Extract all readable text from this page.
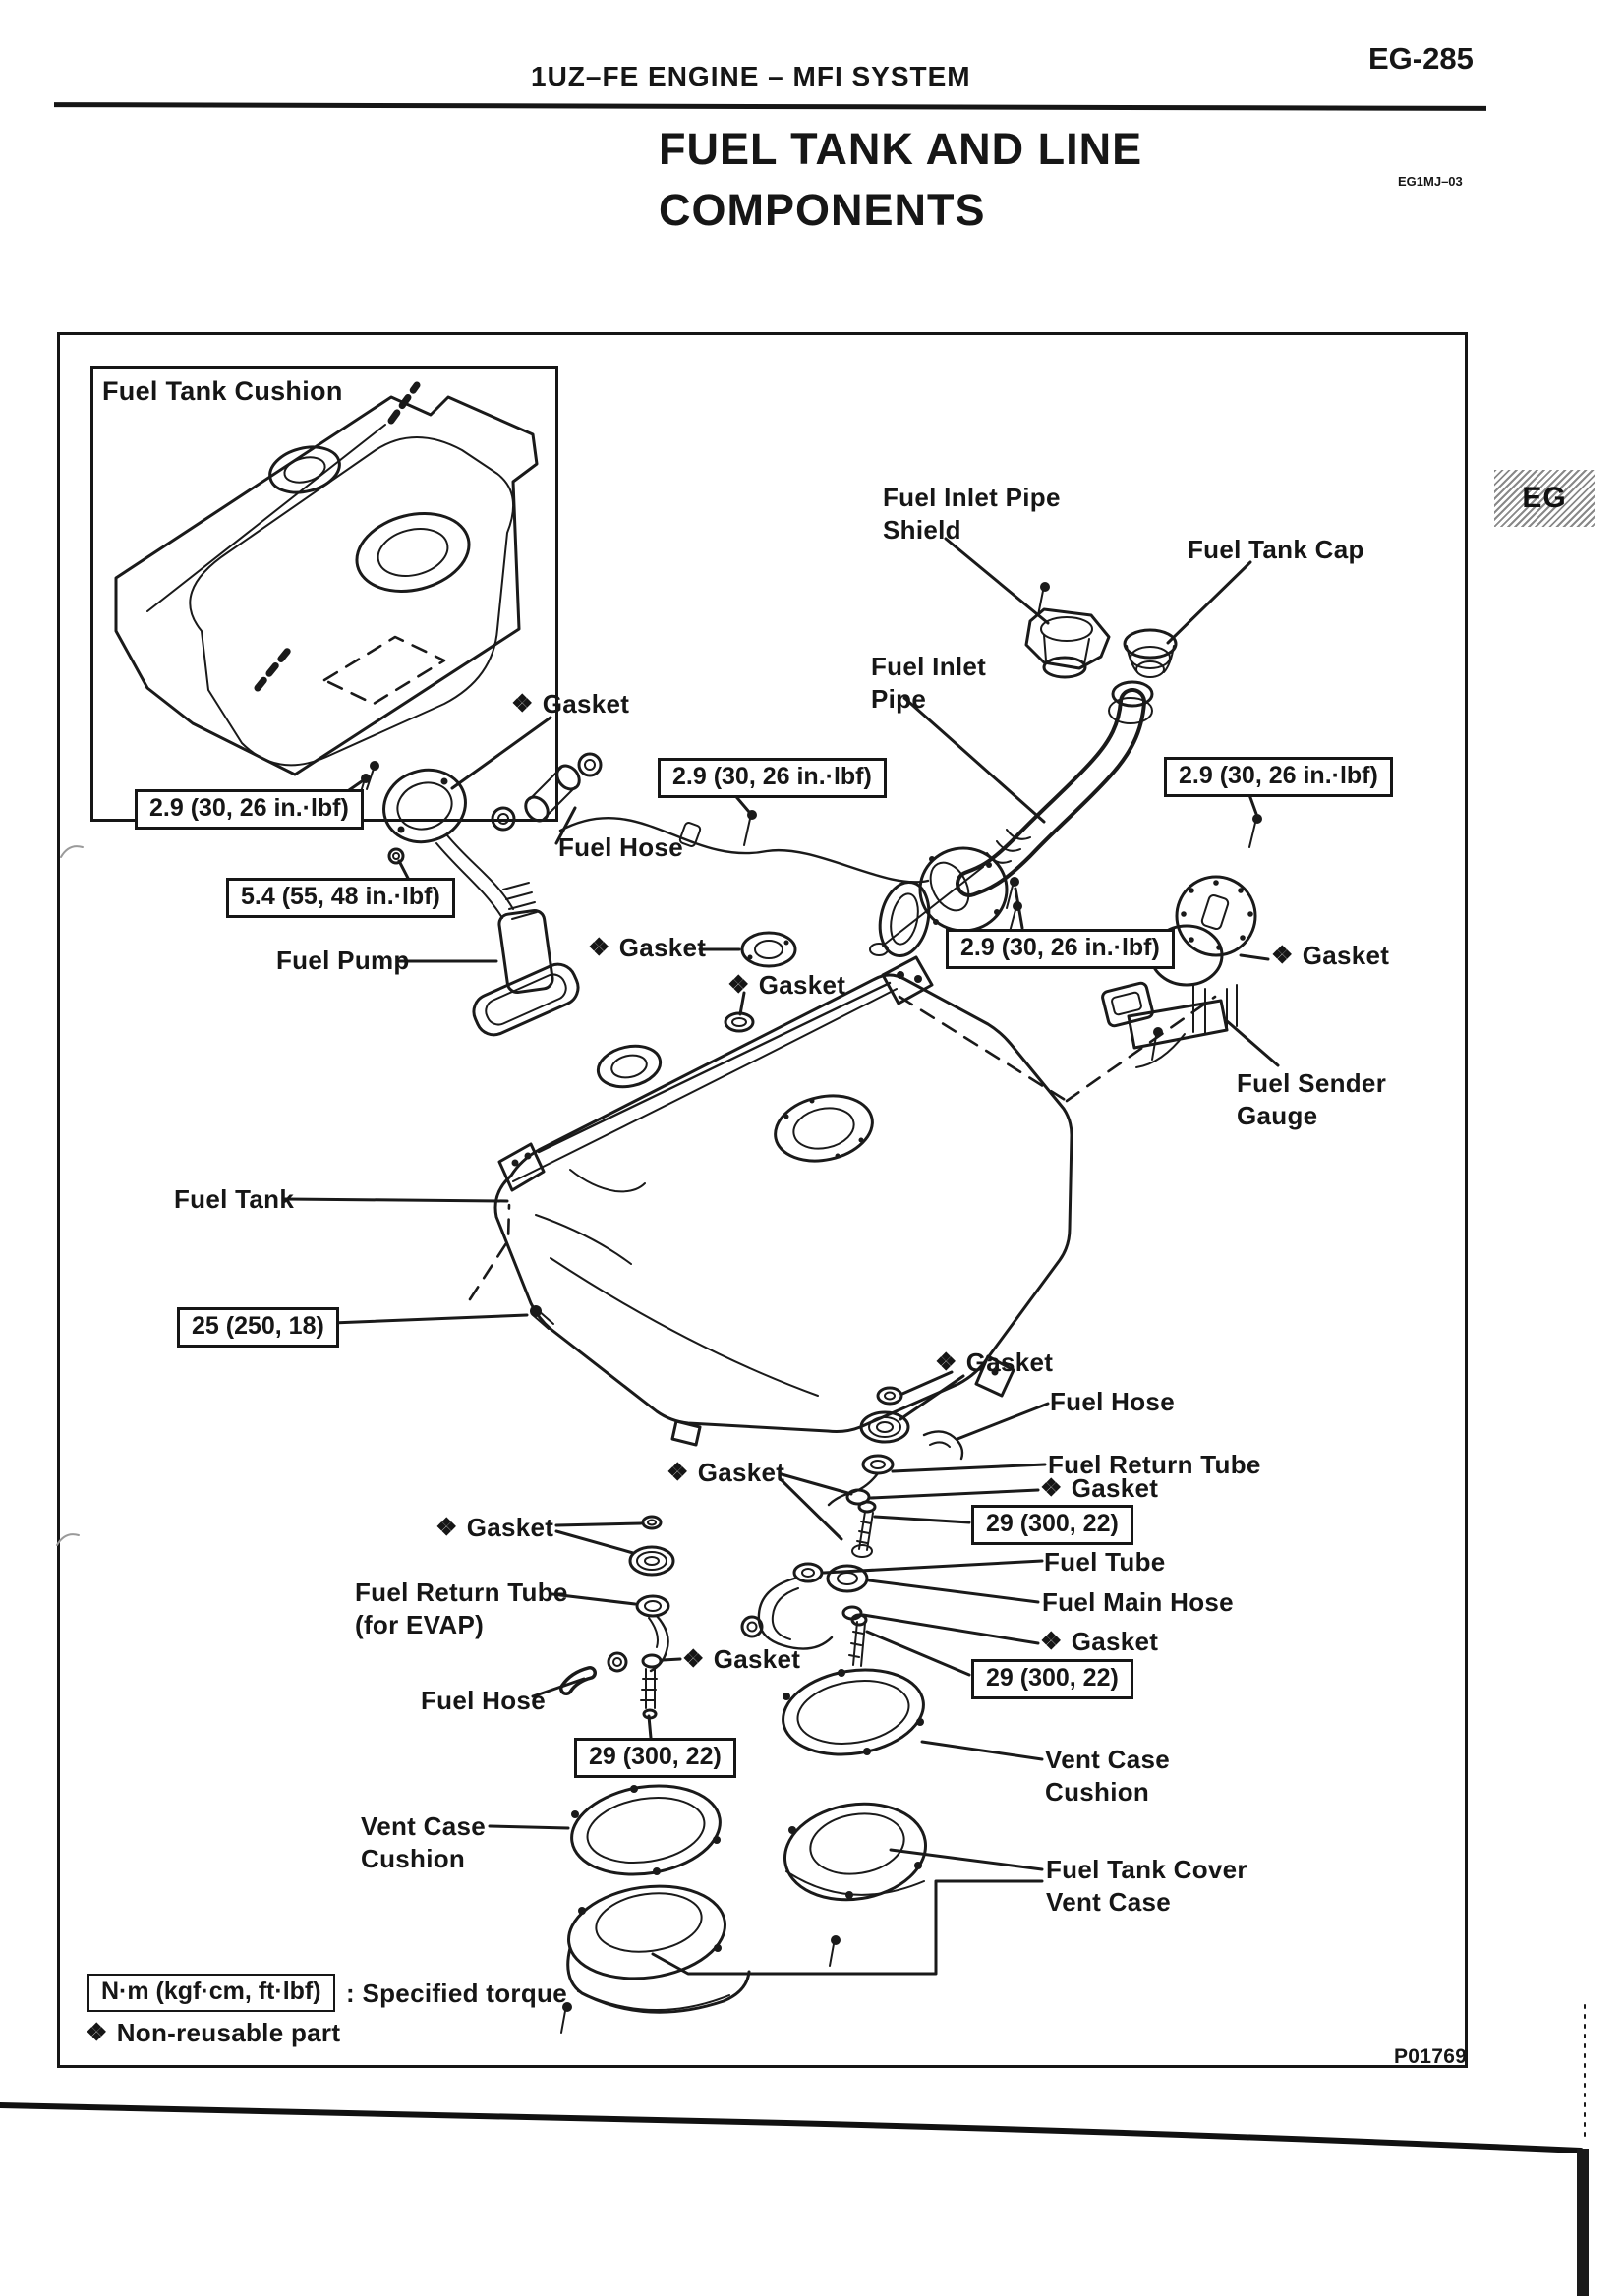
1UZ–FE ENGINE – MFI SYSTEM
EG-285
FUEL TANK AND LINE
COMPONENTS
EG1MJ–03
Fuel Tank Cushion
EG
❖ Gasket
2.9 (30, 26 in.·lbf)
Fuel Hose
5.4 (55, 48 in.·lbf)
Fuel Pump	❖ Gasket
Fuel Inlet Pipe
Shield
Fuel Tank Cap
Fuel Inlet
Pipe
2.9 (30, 26 in.·lbf)	2.9 (30, 26 in.·lbf)
2.9 (30, 26 in.·lbf)
❖ Gasket
❖ Gasket
Fuel Sender
Gauge
Fuel Tank
25 (250, 18)
❖ Gasket
Fuel Hose
❖ Gasket	Fuel Return Tube
❖ Gasket
29 (300, 22)
Fuel Tube
Fuel Main Hose
❖ Gasket
29 (300, 22)
❖ Gasket
Fuel Return Tube
(for EVAP)
Fuel Hose
❖ Gasket
29 (300, 22)
Vent Case
Cushion
Vent Case
Cushion
Fuel Tank Cover
Vent Case
N·m (kgf·cm, ft·lbf) : Specified torque
❖ Non-reusable part
P01769
